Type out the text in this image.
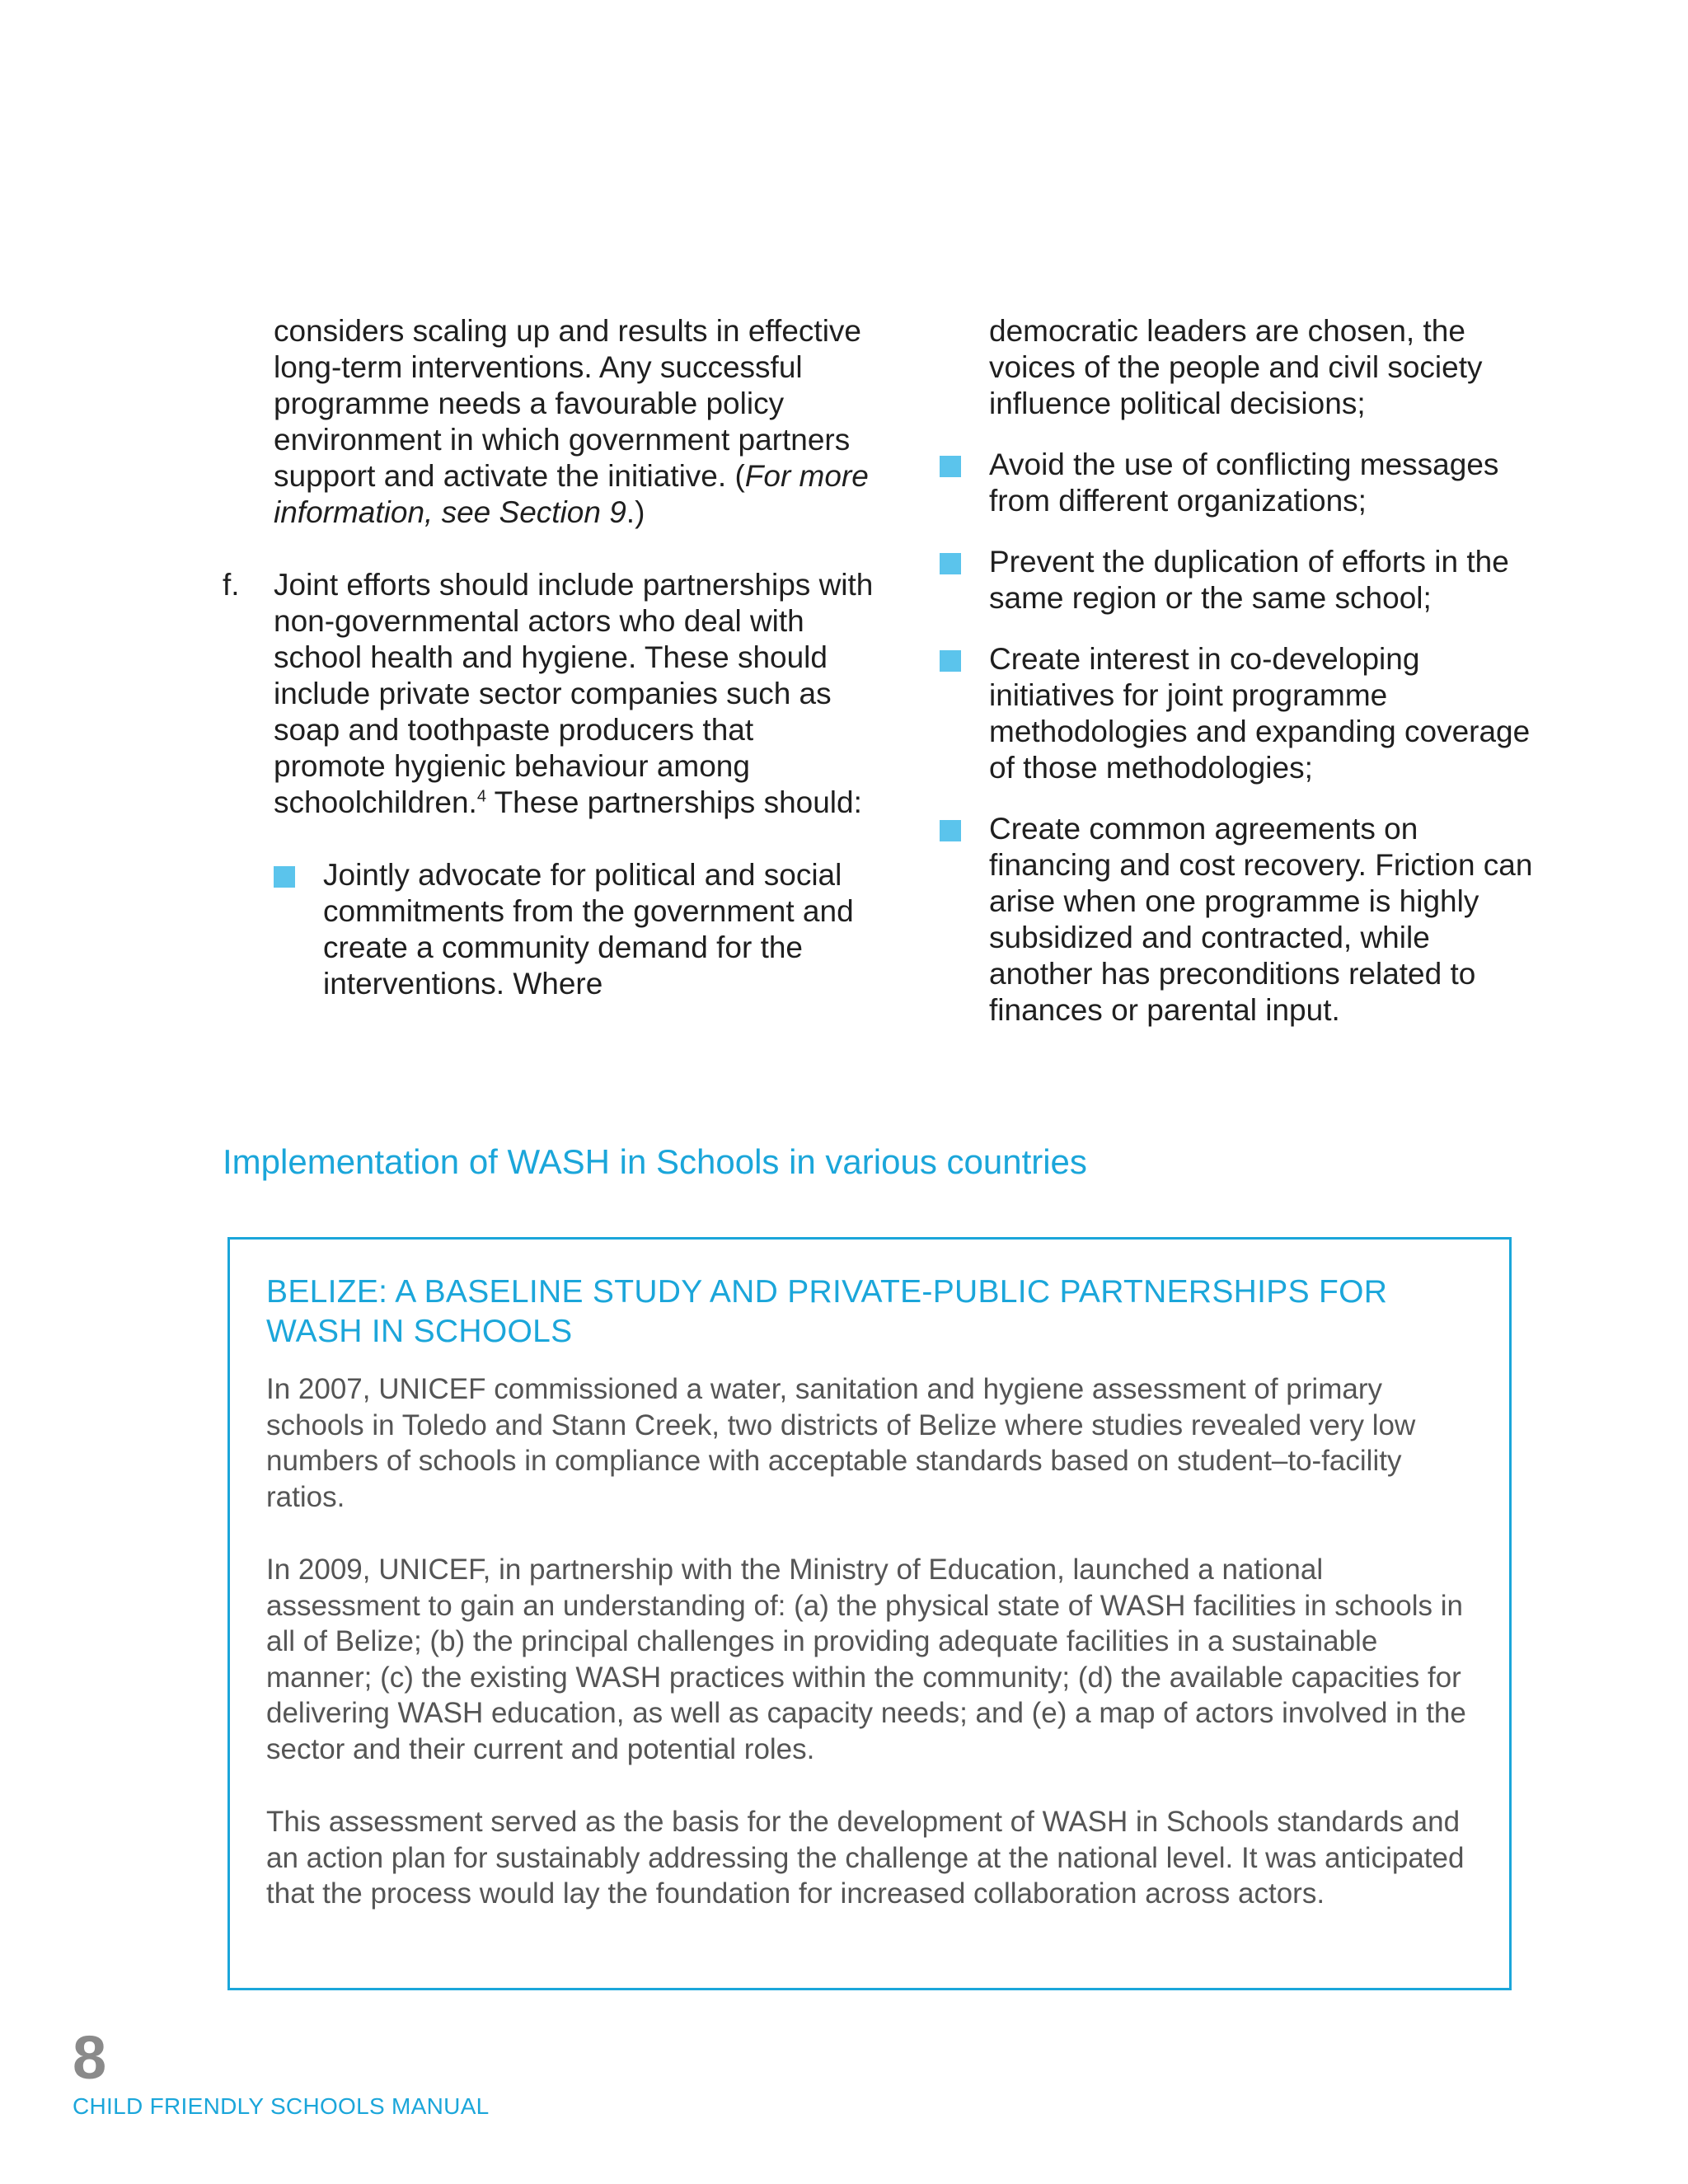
considers scaling up and results in effective long-term interventions. Any successful programme needs a favourable policy environment in which government partners support and activate the initiative. (For more information, see Section 9.)

f. Joint efforts should include partnerships with non-governmental actors who deal with school health and hygiene. These should include private sector companies such as soap and toothpaste producers that promote hygienic behaviour among schoolchildren.$^4$ These partnerships should:

Jointly advocate for political and social commitments from the government and create a community demand for the interventions. Where

democratic leaders are chosen, the voices of the people and civil society influence political decisions;

Avoid the use of conflicting messages from different organizations;

Prevent the duplication of efforts in the same region or the same school;

Create interest in co-developing initiatives for joint programme methodologies and expanding coverage of those methodologies;

Create common agreements on financing and cost recovery. Friction can arise when one programme is highly subsidized and contracted, while another has preconditions related to finances or parental input.

Implementation of WASH in Schools in various countries
BELIZE: A BASELINE STUDY AND PRIVATE-PUBLIC PARTNERSHIPS FOR WASH IN SCHOOLS

In 2007, UNICEF commissioned a water, sanitation and hygiene assessment of primary schools in Toledo and Stann Creek, two districts of Belize where studies revealed very low numbers of schools in compliance with acceptable standards based on student–to-facility ratios.

In 2009, UNICEF, in partnership with the Ministry of Education, launched a national assessment to gain an understanding of: (a) the physical state of WASH facilities in schools in all of Belize; (b) the principal challenges in providing adequate facilities in a sustainable manner; (c) the existing WASH practices within the community; (d) the available capacities for delivering WASH education, as well as capacity needs; and (e) a map of actors involved in the sector and their current and potential roles.

This assessment served as the basis for the development of WASH in Schools standards and an action plan for sustainably addressing the challenge at the national level. It was anticipated that the process would lay the foundation for increased collaboration across actors.

8
CHILD FRIENDLY SCHOOLS MANUAL
